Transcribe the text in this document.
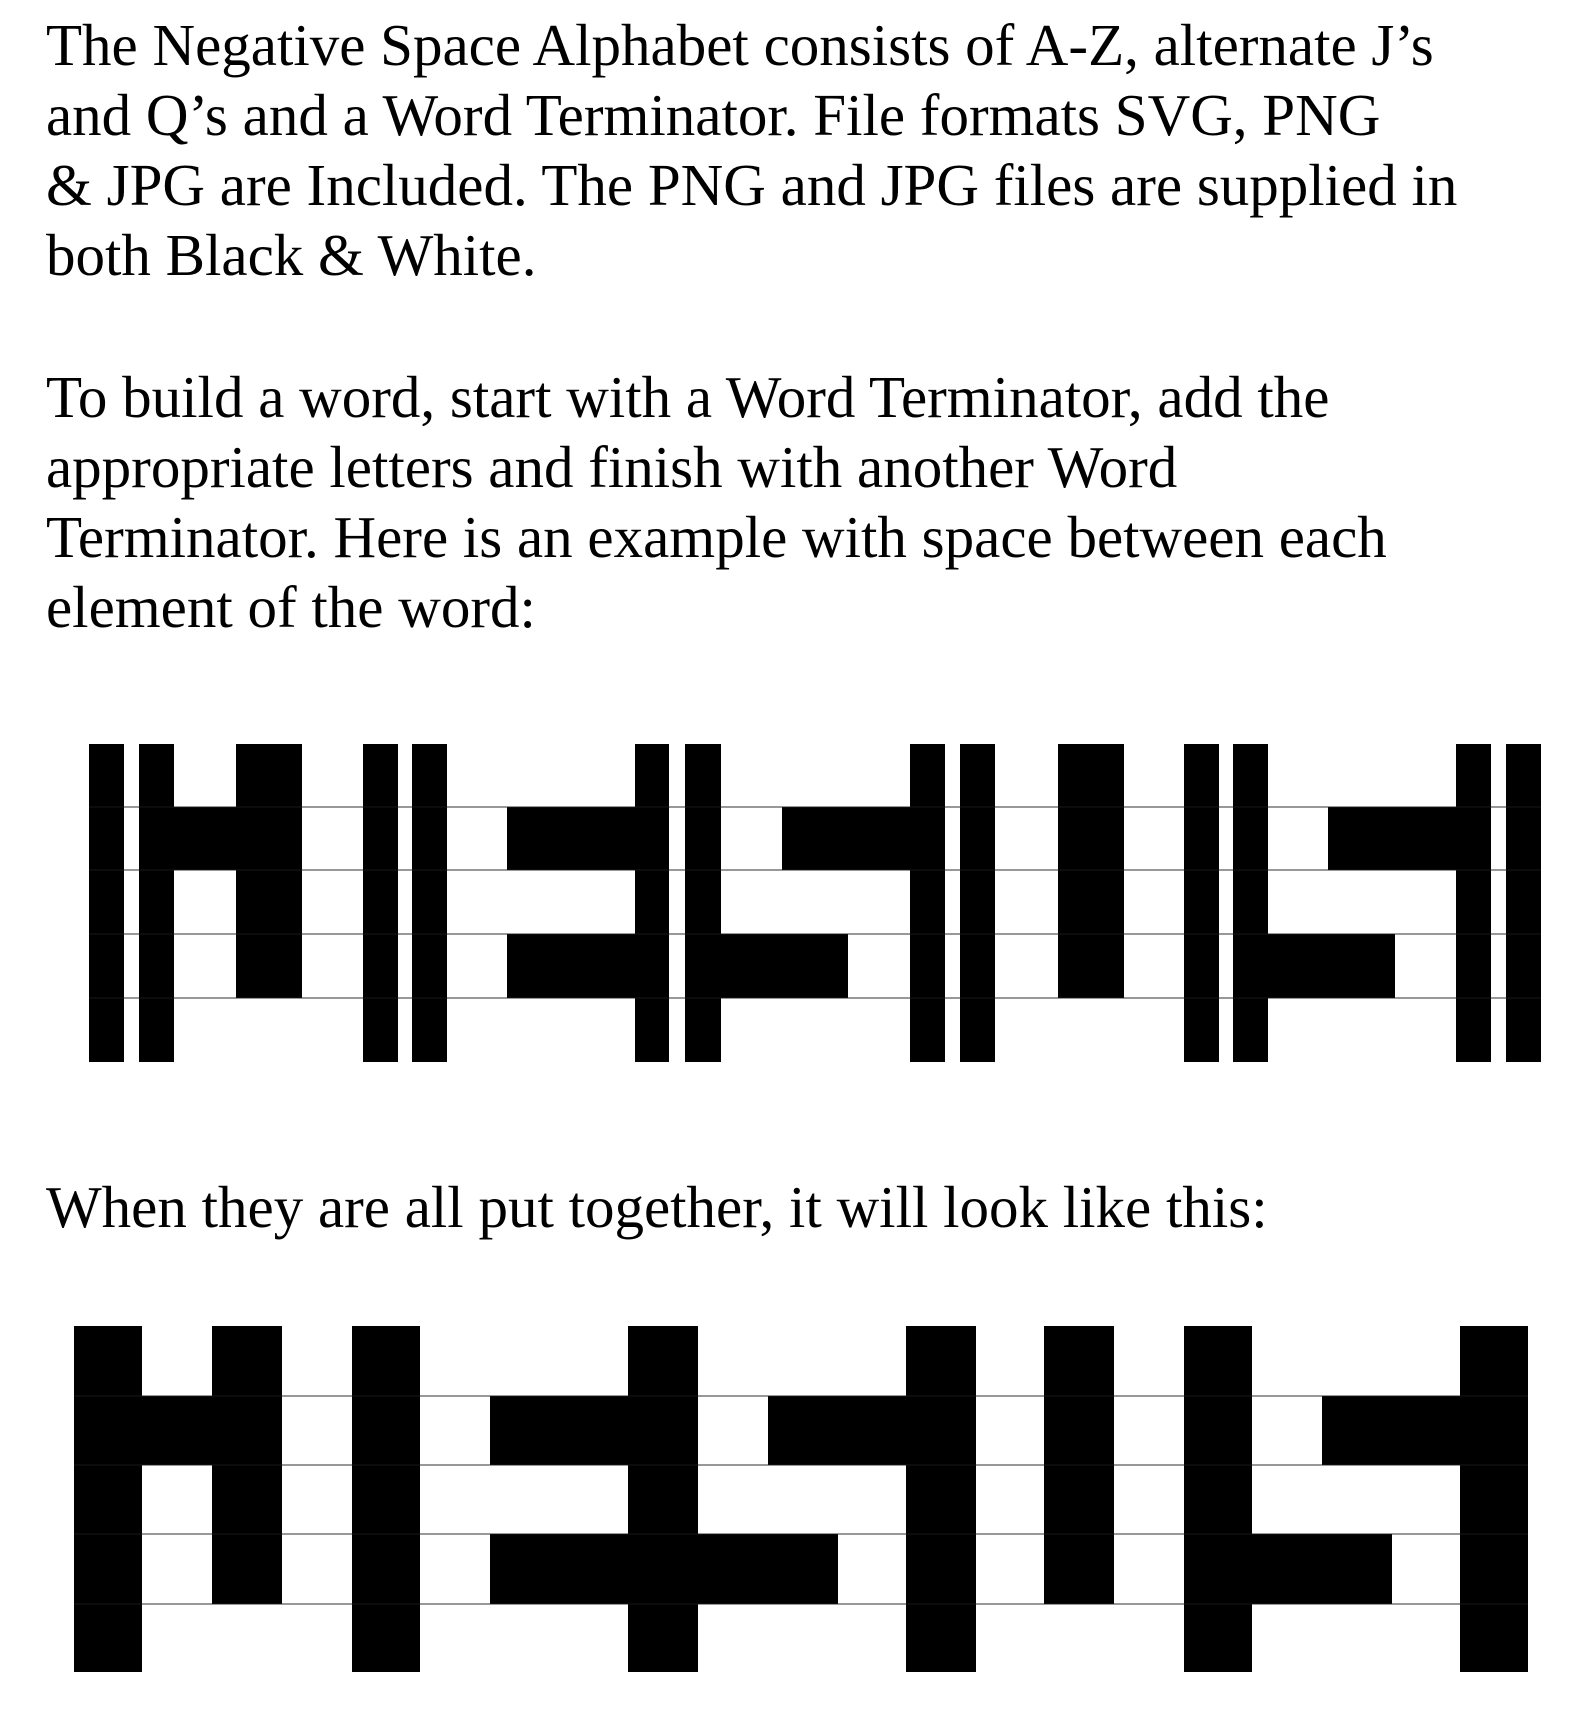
The Negative Space Alphabet consists of A-Z, alternate J’s
and Q’s and a Word Terminator. File formats SVG, PNG
& JPG are Included. The PNG and JPG files are supplied in
both Black & White.
To build a word, start with a Word Terminator, add the
appropriate letters and finish with another Word
Terminator. Here is an example with space between each
element of the word:
When they are all put together, it will look like this:
